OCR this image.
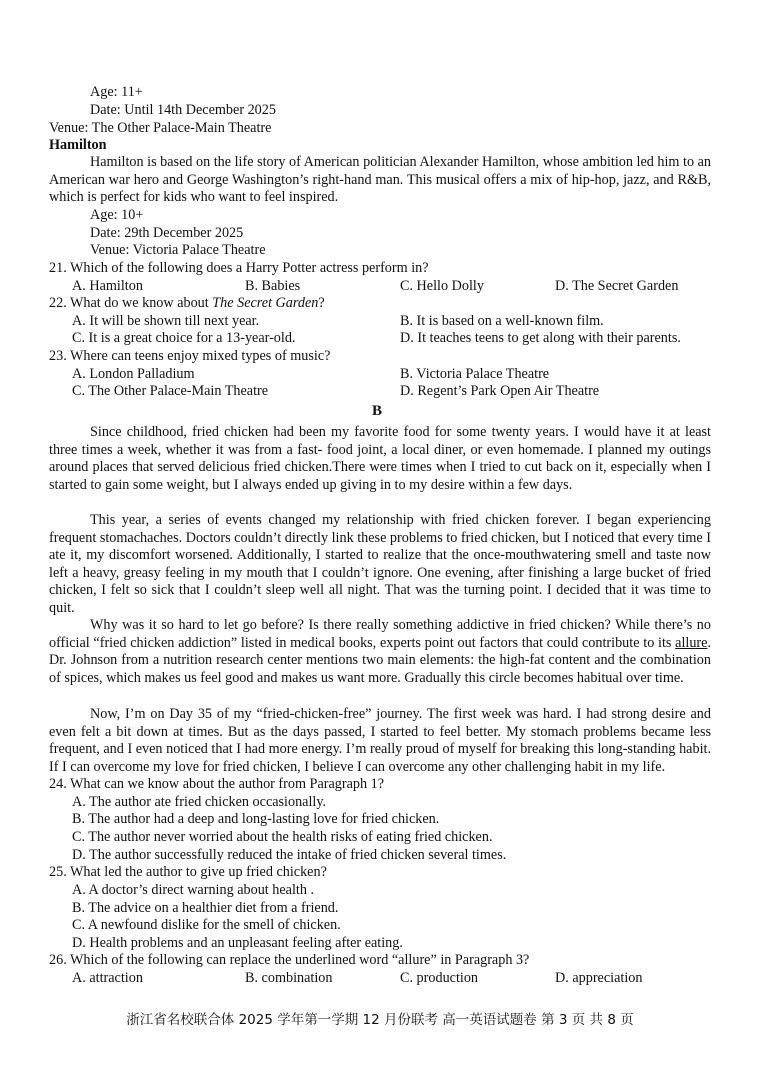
Age: 11+
Date: Until 14th December 2025
Venue: The Other Palace-Main Theatre
Hamilton
Hamilton is based on the life story of American politician Alexander Hamilton, whose ambition led him to an American war hero and George Washington’s right-hand man. This musical offers a mix of hip-hop, jazz, and R&B, which is perfect for kids who want to feel inspired.
Age: 10+
Date: 29th December 2025
Venue: Victoria Palace Theatre
21. Which of the following does a Harry Potter actress perform in?
A. Hamilton	B. Babies	C. Hello Dolly	D. The Secret Garden
22. What do we know about The Secret Garden?
A. It will be shown till next year.	B. It is based on a well-known film.
C. It is a great choice for a 13-year-old.	D. It teaches teens to get along with their parents.
23. Where can teens enjoy mixed types of music?
A. London Palladium	B. Victoria Palace Theatre
C. The Other Palace-Main Theatre	D. Regent’s Park Open Air Theatre
B
Since childhood, fried chicken had been my favorite food for some twenty years. I would have it at least three times a week, whether it was from a fast- food joint, a local diner, or even homemade. I planned my outings around places that served delicious fried chicken.There were times when I tried to cut back on it, especially when I started to gain some weight, but I always ended up giving in to my desire within a few days.
This year, a series of events changed my relationship with fried chicken forever. I began experiencing frequent stomachaches. Doctors couldn’t directly link these problems to fried chicken, but I noticed that every time I ate it, my discomfort worsened. Additionally, I started to realize that the once-mouthwatering smell and taste now left a heavy, greasy feeling in my mouth that I couldn’t ignore. One evening, after finishing a large bucket of fried chicken, I felt so sick that I couldn’t sleep well all night. That was the turning point. I decided that it was time to quit.
Why was it so hard to let go before? Is there really something addictive in fried chicken? While there’s no official “fried chicken addiction” listed in medical books, experts point out factors that could contribute to its allure. Dr. Johnson from a nutrition research center mentions two main elements: the high-fat content and the combination of spices, which makes us feel good and makes us want more. Gradually this circle becomes habitual over time.
Now, I’m on Day 35 of my “fried-chicken-free” journey. The first week was hard. I had strong desire and even felt a bit down at times. But as the days passed, I started to feel better. My stomach problems became less frequent, and I even noticed that I had more energy. I’m really proud of myself for breaking this long-standing habit. If I can overcome my love for fried chicken, I believe I can overcome any other challenging habit in my life.
24. What can we know about the author from Paragraph 1?
A. The author ate fried chicken occasionally.
B. The author had a deep and long-lasting love for fried chicken.
C. The author never worried about the health risks of eating fried chicken.
D. The author successfully reduced the intake of fried chicken several times.
25. What led the author to give up fried chicken?
A. A doctor’s direct warning about health .
B. The advice on a healthier diet from a friend.
C. A newfound dislike for the smell of chicken.
D. Health problems and an unpleasant feeling after eating.
26. Which of the following can replace the underlined word “allure” in Paragraph 3?
A. attraction	B. combination	C. production	D. appreciation
浙江省名校联合体 2025 学年第一学期 12 月份联考 高一英语试题卷 第 3 页 共 8 页
